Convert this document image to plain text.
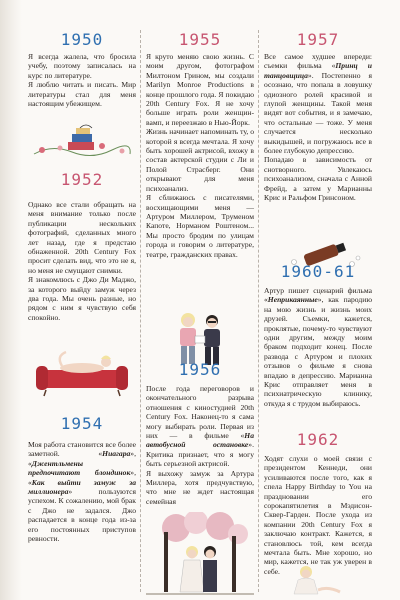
1950

Я всегда жалела, что бросила учебу, поэтому записалась на курс по литературе.

Я люблю читать и писать. Мир литературы стал для меня настоящим убежищем.

1952

Однако все стали обращать на меня внимание только после публикации нескольких фотографий, сделанных много лет назад, где я предстаю обнаженной. 20th Century Fox просит сделать вид, что это не я, но меня не смущают снимки.

Я знакомлюсь с Джо Ди Маджо, за которого выйду замуж через два года. Мы очень разные, но рядом с ним я чувствую себя спокойно.

1954

Моя работа становится все более заметной. «Ниагара», «Джентльмены предпочитают блондинок», «Как выйти замуж за миллионера» пользуются успехом. К сожалению, мой брак с Джо не задался. Джо распадается в конце года из-за его постоянных приступов ревности.

1955

Я круто меняю свою жизнь. С моим другом, фотографом Милтоном Грином, мы создали Marilyn Monroe Productions в конце прошлого года. Я покидаю 20th Century Fox. Я не хочу больше играть роли женщин-вамп, и переезжаю в Нью-Йорк.

Жизнь начинает напоминать ту, о которой я всегда мечтала. Я хочу быть хорошей актрисой, вхожу в состав актерской студии с Ли и Полой Страсберг. Они открывают для меня психоанализ.

Я сближаюсь с писателями, восхищающими меня — Артуром Миллером, Труменом Капоте, Норманом Роштеном... Мы просто бродим по улицам города и говорим о литературе, театре, гражданских правах.

1956

После года переговоров и окончательного разрыва отношения с киностудией 20th Century Fox. Наконец-то я сама могу выбирать роли. Первая из них — в фильме «На автобусной остановке». Критика признает, что я могу быть серьезной актрисой.

Я выхожу замуж за Артура Миллера, хотя предчувствую, что мне не ждет настоящая семейная

1957

Все самое худшее впереди: съемки фильма «Принц и танцовщица». Постепенно я осознаю, что попала в ловушку одиозного ролей красивой и глупой женщины. Такой меня видят вот события, и я замечаю, что остальные — тоже. У меня случается несколько выкидышей, и погружаюсь все в более глубокую депрессию.

Попадаю в зависимость от снотворного. Увлекаюсь психоанализом, сначала с Анной Фрейд, а затем у Марианны Крис и Ральфом Гринсоном.

1960-61

Артур пишет сценарий фильма «Неприкаянные», как пародию на мою жизнь и жизнь моих друзей. Съемки, кажется, проклятые, почему-то чувствуют одни другим, между моим браком подходит конец. После развода с Артуром и плохих отзывов о фильме я снова впадаю в депрессию. Марианна Крис отправляет меня в психиатрическую клинику, откуда я с трудом выбираюсь.

1962

Ходят слухи о моей связи с президентом Кеннеди, они усиливаются после того, как я спела Happy Birthday to You на праздновании его сорокапятилетия в Мэдисон-Сквер-Гарден. После ухода из компании 20th Century Fox я заключаю контракт. Кажется, я становлюсь той, кем всегда мечтала быть. Мне хорошо, но мир, кажется, не так уж уверен в себе.
